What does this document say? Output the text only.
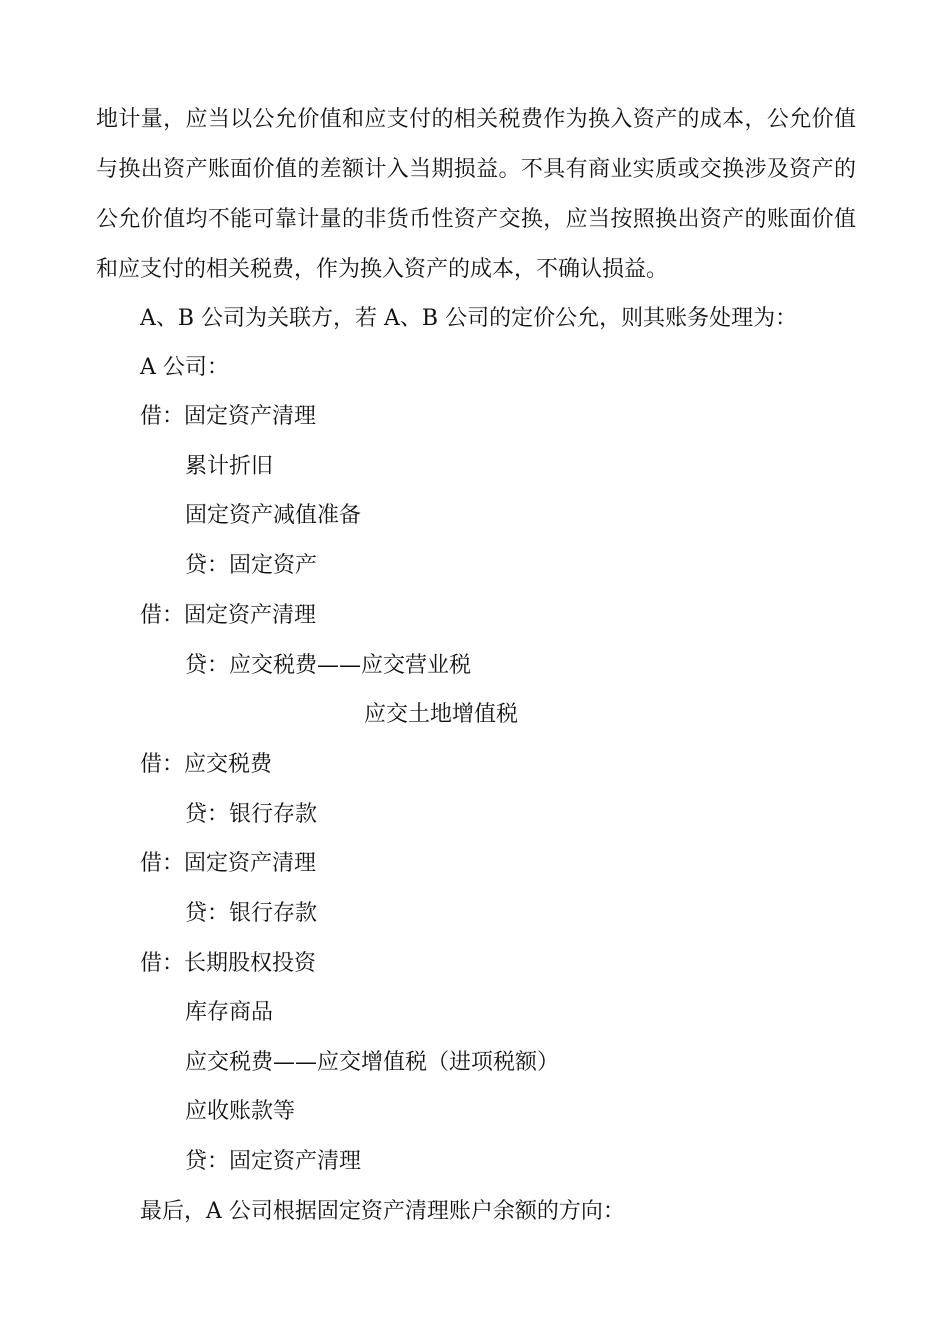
地计量，应当以公允价值和应支付的相关税费作为换入资产的成本，公允价值
与换出资产账面价值的差额计入当期损益。不具有商业实质或交换涉及资产的
公允价值均不能可靠计量的非货币性资产交换，应当按照换出资产的账面价值
和应支付的相关税费，作为换入资产的成本，不确认损益。

A、B 公司为关联方，若 A、B 公司的定价公允，则其账务处理为：

A 公司：

借：固定资产清理

累计折旧

固定资产减值准备

贷：固定资产

借：固定资产清理

贷：应交税费——应交营业税

应交土地增值税

借：应交税费

贷：银行存款

借：固定资产清理

贷：银行存款

借：长期股权投资

库存商品

应交税费——应交增值税（进项税额）

应收账款等

贷：固定资产清理

最后，A 公司根据固定资产清理账户余额的方向：
